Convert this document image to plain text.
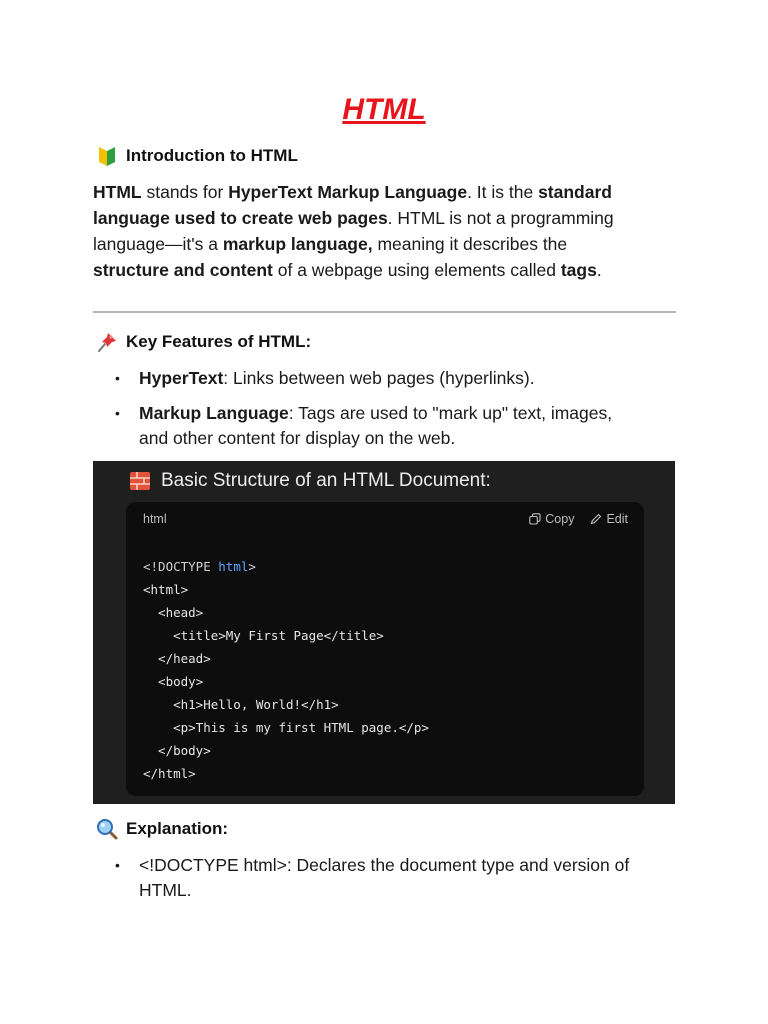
HTML
Introduction to HTML
HTML stands for HyperText Markup Language. It is the standard
language used to create web pages. HTML is not a programming
language—it's a markup language, meaning it describes the
structure and content of a webpage using elements called tags.
Key Features of HTML:
• HyperText: Links between web pages (hyperlinks).
• Markup Language: Tags are used to "mark up" text, images,
and other content for display on the web.
Basic Structure of an HTML Document:
html	Copy	Edit
<!DOCTYPE html>
<html>
<head>
<title>My First Page</title>
</head>
<body>
<h1>Hello, World!</h1>
<p>This is my first HTML page.</p>
</body>
</html>
Explanation:
• <!DOCTYPE html>: Declares the document type and version of
HTML.
